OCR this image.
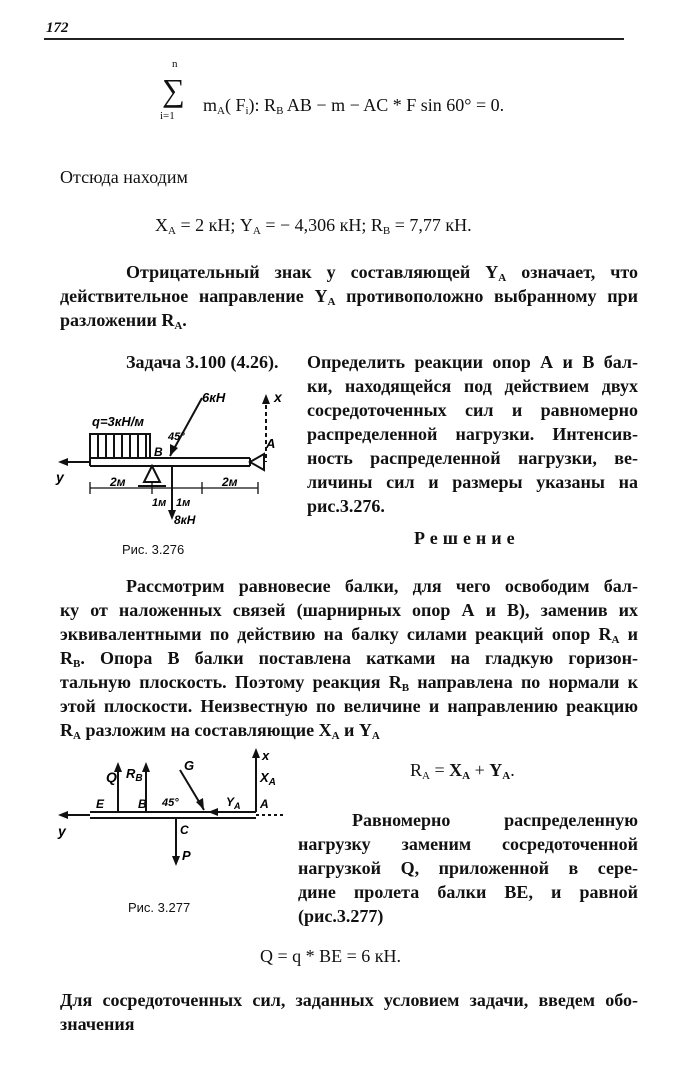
172
n
∑
i=1
$m_A$( $F_i$): $R_B$ AB − m − AC * F sin 60° = 0.
Отсюда находим
$X_A = 2$ кН; $Y_A$ = − 4,306 кН; $R_B = 7,77$ кН.
Отрицательный знак у составляющей $Y_A$ означает, что
действительное направление $Y_A$ противоположно выбранному при
разложении $R_A$.
Задача 3.100 (4.26). Определить реакции опор А и В бал-
ки, находящейся под действием двух
сосредоточенных сил и равномерно
распределенной нагрузки. Интенсив-
ность распределенной нагрузки, ве-
личины сил и размеры указаны на
рис.3.276.
q=3кН/м
6кН
45°
x
y
B
A
2м	2м
1м 1м
8кН
Рис. 3.276
Решение
Рассмотрим равновесие балки, для чего освободим бал-
ку от наложенных связей (шарнирных опор А и В), заменив их
эквивалентными по действию на балку силами реакций опор $R_A$ и
$R_B$. Опора В балки поставлена катками на гладкую горизон-
тальную плоскость. Поэтому реакция $R_B$ направлена по нормали к
этой плоскости. Неизвестную по величине и направлению реакцию
$R_A$ разложим на составляющие $X_A$ и $Y_A$
$R_A = X_A + Y_A$.
x
$X_A$
Q $R_B$
G
E	B 45°	$Y_A$ A
y	C
P
Рис. 3.277
Равномерно распределенную
нагрузку заменим сосредоточенной
нагрузкой Q, приложенной в сере-
дине пролета балки BE, и равной
(рис.3.277)
Q = q * BE = 6 кН.
Для сосредоточенных сил, заданных условием задачи, введем обо-
значения
